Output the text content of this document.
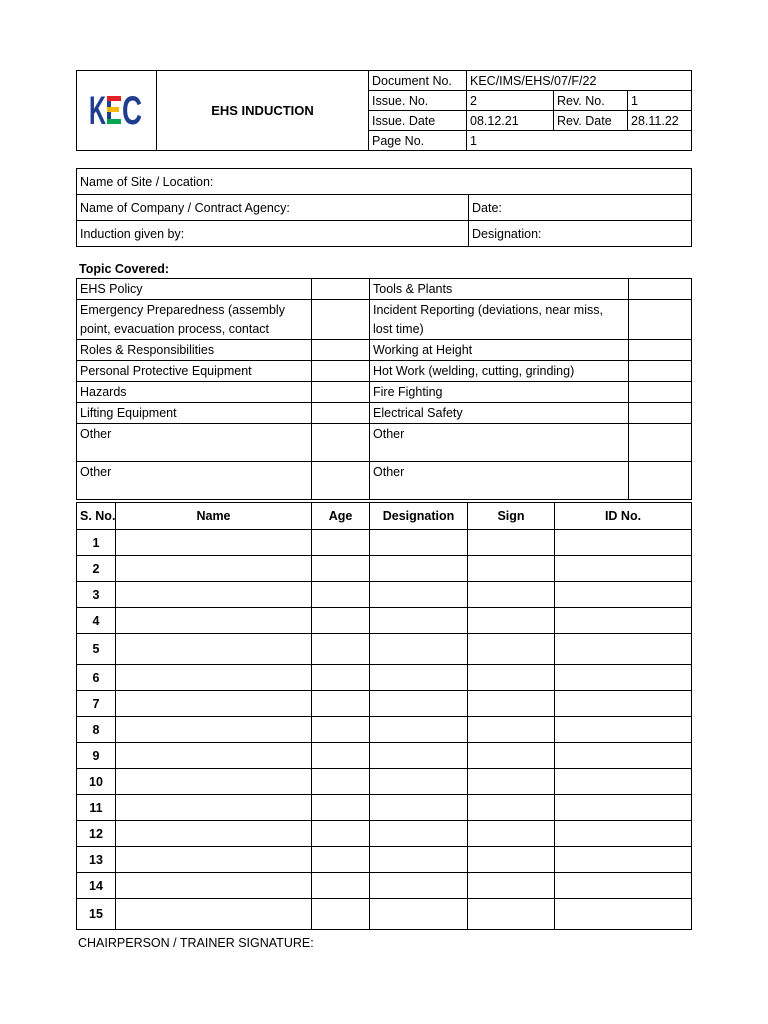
K C
KEC	EHS INDUCTION	Document No.	KEC/IMS/EHS/07/F/22		
		Issue. No.	2	Rev. No.	1
		Issue. Date	08.12.21	Rev. Date	28.11.22
		Page No.	1		
Name of Site / Location:	
Name of Company / Contract Agency:	Date:
Induction given by:	Designation:
Topic Covered:
EHS Policy		Tools & Plants	
Emergency Preparedness (assembly point, evacuation process, contact		Incident Reporting (deviations, near miss, lost time)	
Roles & Responsibilities		Working at Height	
Personal Protective Equipment		Hot Work (welding, cutting, grinding)	
Hazards		Fire Fighting	
Lifting Equipment		Electrical Safety	
Other		Other	
Other		Other	
S. No.	Name	Age	Designation	Sign	ID No.
1					
2					
3					
4					
5					
6					
7					
8					
9					
10					
11					
12					
13					
14					
15					
CHAIRPERSON / TRAINER SIGNATURE:
